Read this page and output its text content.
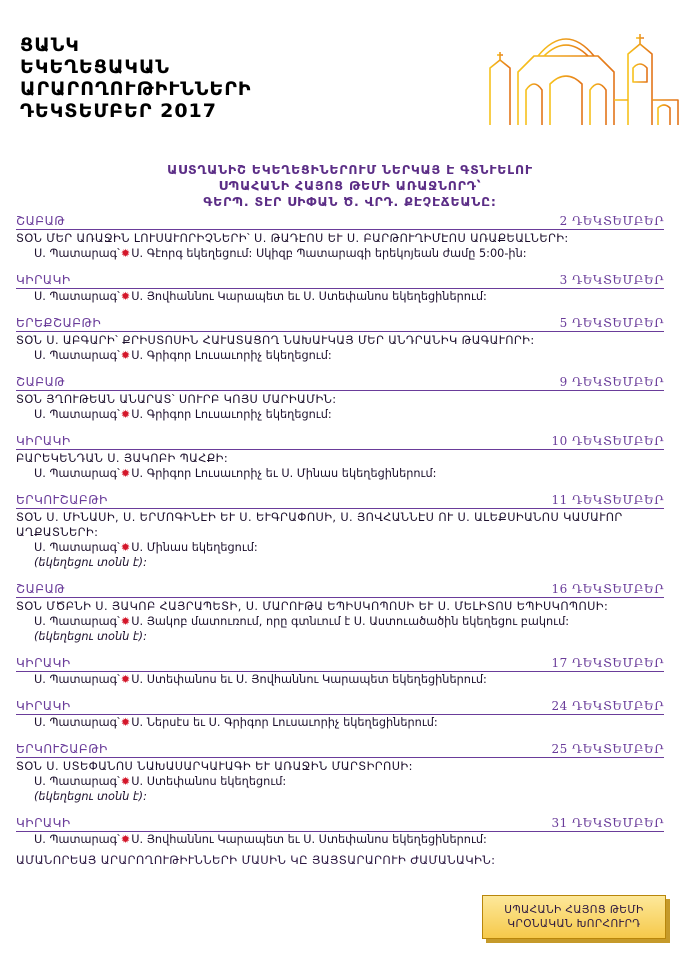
ՑԱՆԿ
ԵԿԵՂԵՑԱԿԱՆ
ԱՐԱՐՈՂՈՒԹԻՒՆՆԵՐԻ
ԴԵԿՏԵՄԲԵՐ 2017
ԱՍՏՂԱՆԻՇ ԵԿԵՂԵՑԻՆԵՐՈՒՄ ՆԵՐԿԱՅ Է ԳՏՆՒԵԼՈՒ
ՍՊԱՀԱՆԻ ՀԱՅՈՑ ԹԵՄԻ ԱՌԱՋՆՈՐԴ՝
ԳԵՐՊ. ՏԷՐ ՍԻՓԱՆ Ծ. ՎՐԴ. ՔԷՉԷՃԵԱՆԸ:
ՇԱԲԱԹ	2 ԴԵԿՏԵՄԲԵՐ
ՏՕՆ ՄԵՐ ԱՌԱՋԻՆ ԼՈՒՍԱՒՈՐԻՉՆԵՐԻ՝ Ս. ԹԱԴԷՈՍ ԵՒ Ս. ԲԱՐԹՈՒՂԻՄԷՈՍ ԱՌԱՔԵԱԼՆԵՐԻ:
Ս. Պատարագ՝✹Ս. Գէորգ եկեղեցում: Սկիզբ Պատարագի երեկոյեան ժամը 5:00-ին:
ԿԻՐԱԿԻ	3 ԴԵԿՏԵՄԲԵՐ
Ս. Պատարագ՝✹Ս. Յովհաննու Կարապետ եւ Ս. Ստեփանոս եկեղեցիներում:
ԵՐԵՔՇԱԲԹԻ	5 ԴԵԿՏԵՄԲԵՐ
ՏՕՆ Ս. ԱԲԳԱՐԻ՝ ՔՐԻՍՏՈՍԻՆ ՀԱՒԱՏԱՑՈՂ ՆԱԽԱՒԿԱՅ ՄԵՐ ԱՆԴՐԱՆԻԿ ԹԱԳԱՒՈՐԻ:
Ս. Պատարագ՝✹Ս. Գրիգոր Լուսաւորիչ եկեղեցում:
ՇԱԲԱԹ	9 ԴԵԿՏԵՄԲԵՐ
ՏՕՆ ՅՂՈՒԹԵԱՆ ԱՆԱՐԱՏ՝ ՍՈՒՐԲ ԿՈՅՍ ՄԱՐԻԱՄԻՆ:
Ս. Պատարագ՝✹Ս. Գրիգոր Լուսաւորիչ եկեղեցում:
ԿԻՐԱԿԻ	10 ԴԵԿՏԵՄԲԵՐ
ԲԱՐԵԿԵՆԴԱՆ Ս. ՅԱԿՈԲԻ ՊԱՀՔԻ:
Ս. Պատարագ՝✹Ս. Գրիգոր Լուսաւորիչ եւ Ս. Մինաս եկեղեցիներում:
ԵՐԿՈՒՇԱԲԹԻ	11 ԴԵԿՏԵՄԲԵՐ
ՏՕՆ Ս. ՄԻՆԱՍԻ, Ս. ԵՐՄՈԳԻՆԷԻ ԵՒ Ս. ԵՒԳՐԱՓՈՍԻ, Ս. ՅՈՎՀԱՆՆԷՍ ՈՒ Ս. ԱԼԵՔՍԻԱՆՈՍ ԿԱՄԱՒՈՐ ԱՂՔԱՏՆԵՐԻ:
Ս. Պատարագ՝✹Ս. Մինաս եկեղեցում:
(եկեղեցու տօնն է):
ՇԱԲԱԹ	16 ԴԵԿՏԵՄԲԵՐ
ՏՕՆ ՄԾԲՆԻ Ս. ՅԱԿՈԲ ՀԱՅՐԱՊԵՏԻ, Ս. ՄԱՐՈՒԹԱ ԵՊԻՍԿՈՊՈՍԻ ԵՒ Ս. ՄԵԼԻՏՈՍ ԵՊԻՍԿՈՊՈՍԻ:
Ս. Պատարագ՝✹Ս. Յակոբ մատուռում, որը գտնւում է Ս. Աստուածածին եկեղեցու բակում:
(եկեղեցու տօնն է):
ԿԻՐԱԿԻ	17 ԴԵԿՏԵՄԲԵՐ
Ս. Պատարագ՝✹Ս. Ստեփանոս եւ Ս. Յովհաննու Կարապետ եկեղեցիներում:
ԿԻՐԱԿԻ	24 ԴԵԿՏԵՄԲԵՐ
Ս. Պատարագ՝✹Ս. Ներսէս եւ Ս. Գրիգոր Լուսաւորիչ եկեղեցիներում:
ԵՐԿՈՒՇԱԲԹԻ	25 ԴԵԿՏԵՄԲԵՐ
ՏՕՆ Ս. ՍՏԵՓԱՆՈՍ ՆԱԽԱՍԱՐԿԱՒԱԳԻ ԵՒ ԱՌԱՋԻՆ ՄԱՐՏԻՐՈՍԻ:
Ս. Պատարագ՝✹Ս. Ստեփանոս եկեղեցում:
(եկեղեցու տօնն է):
ԿԻՐԱԿԻ	31 ԴԵԿՏԵՄԲԵՐ
Ս. Պատարագ՝✹Ս. Յովհաննու Կարապետ եւ Ս. Ստեփանոս եկեղեցիներում:
ԱՄԱՆՈՐԵԱՅ ԱՐԱՐՈՂՈՒԹԻՒՆՆԵՐԻ ՄԱՍԻՆ ԿԸ ՅԱՅՏԱՐԱՐՈՒԻ ԺԱՄԱՆԱԿԻՆ:
ՍՊԱՀԱՆԻ ՀԱՅՈՑ ԹԵՄԻ
ԿՐՕՆԱԿԱՆ ԽՈՐՀՈՒՐԴ
